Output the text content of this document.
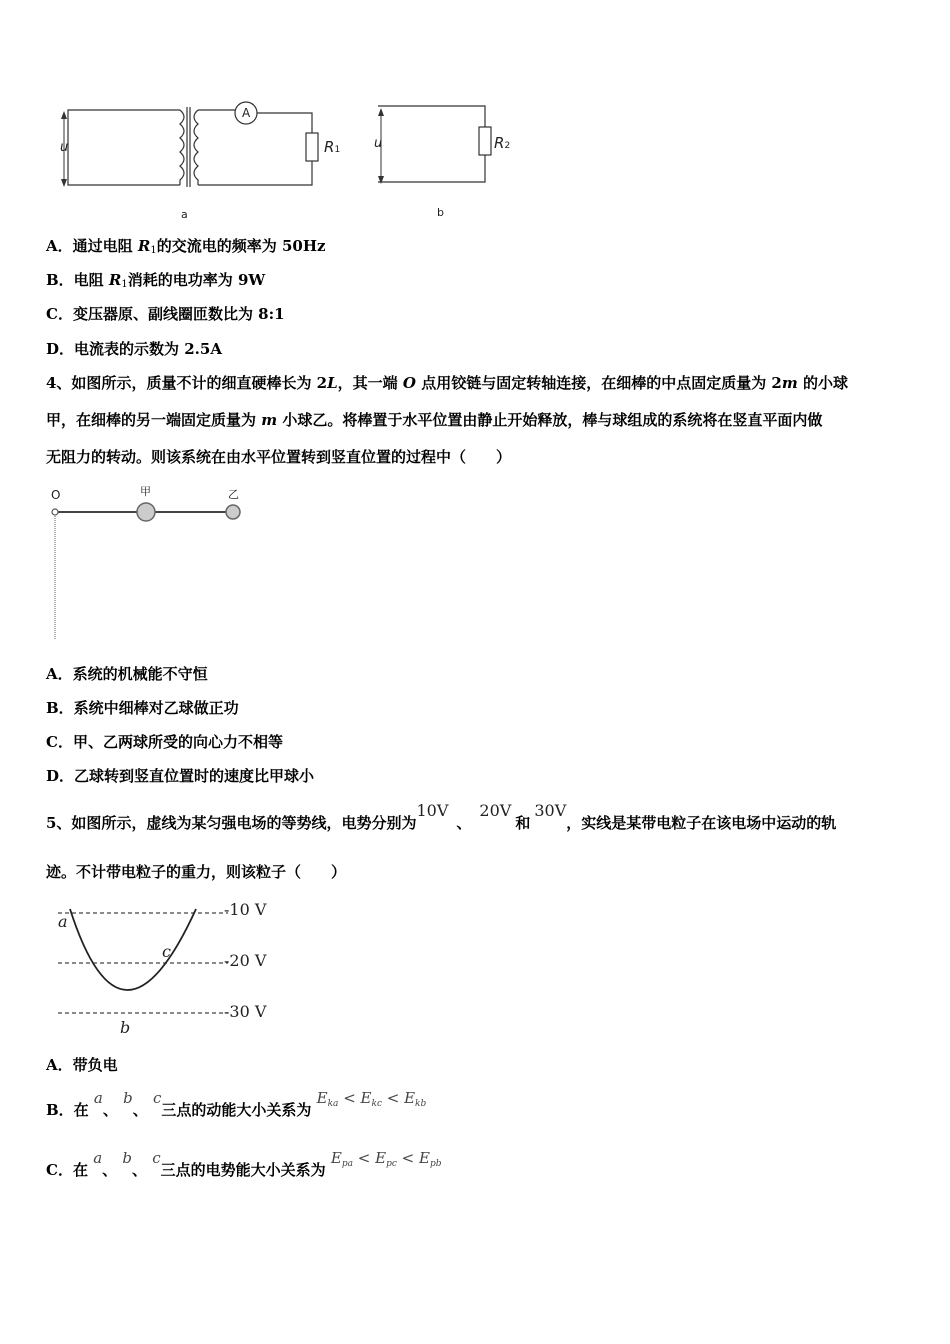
u
A
R1
a
u	R2
b
A．通过电阻 $R_1$的交流电的频率为 50Hz
B．电阻 $R_1$消耗的电功率为 9W
C．变压器原、副线圈匝数比为 8:1
D．电流表的示数为 2.5A
4、如图所示，质量不计的细直硬棒长为 2L，其一端 O 点用铰链与固定转轴连接，在细棒的中点固定质量为 2m 的小球
甲，在细棒的另一端固定质量为 m 小球乙。将棒置于水平位置由静止开始释放，棒与球组成的系统将在竖直平面内做
无阻力的转动。则该系统在由水平位置转到竖直位置的过程中（　　）
O	甲	乙
A．系统的机械能不守恒
B．系统中细棒对乙球做正功
C．甲、乙两球所受的向心力不相等
D．乙球转到竖直位置时的速度比甲球小
5、如图所示，虚线为某匀强电场的等势线，电势分别为10V、20V和30V，实线是某带电粒子在该电场中运动的轨
迹。不计带电粒子的重力，则该粒子（　　）
-10 V
-20 V
-30 V
a
b
c
A．带负电
B．在 a、 b、 c三点的动能大小关系为 $E_{ka} < E_{kc} < E_{kb}$
C．在 a、 b、 c三点的电势能大小关系为 $E_{pa} < E_{pc} < E_{pb}$
